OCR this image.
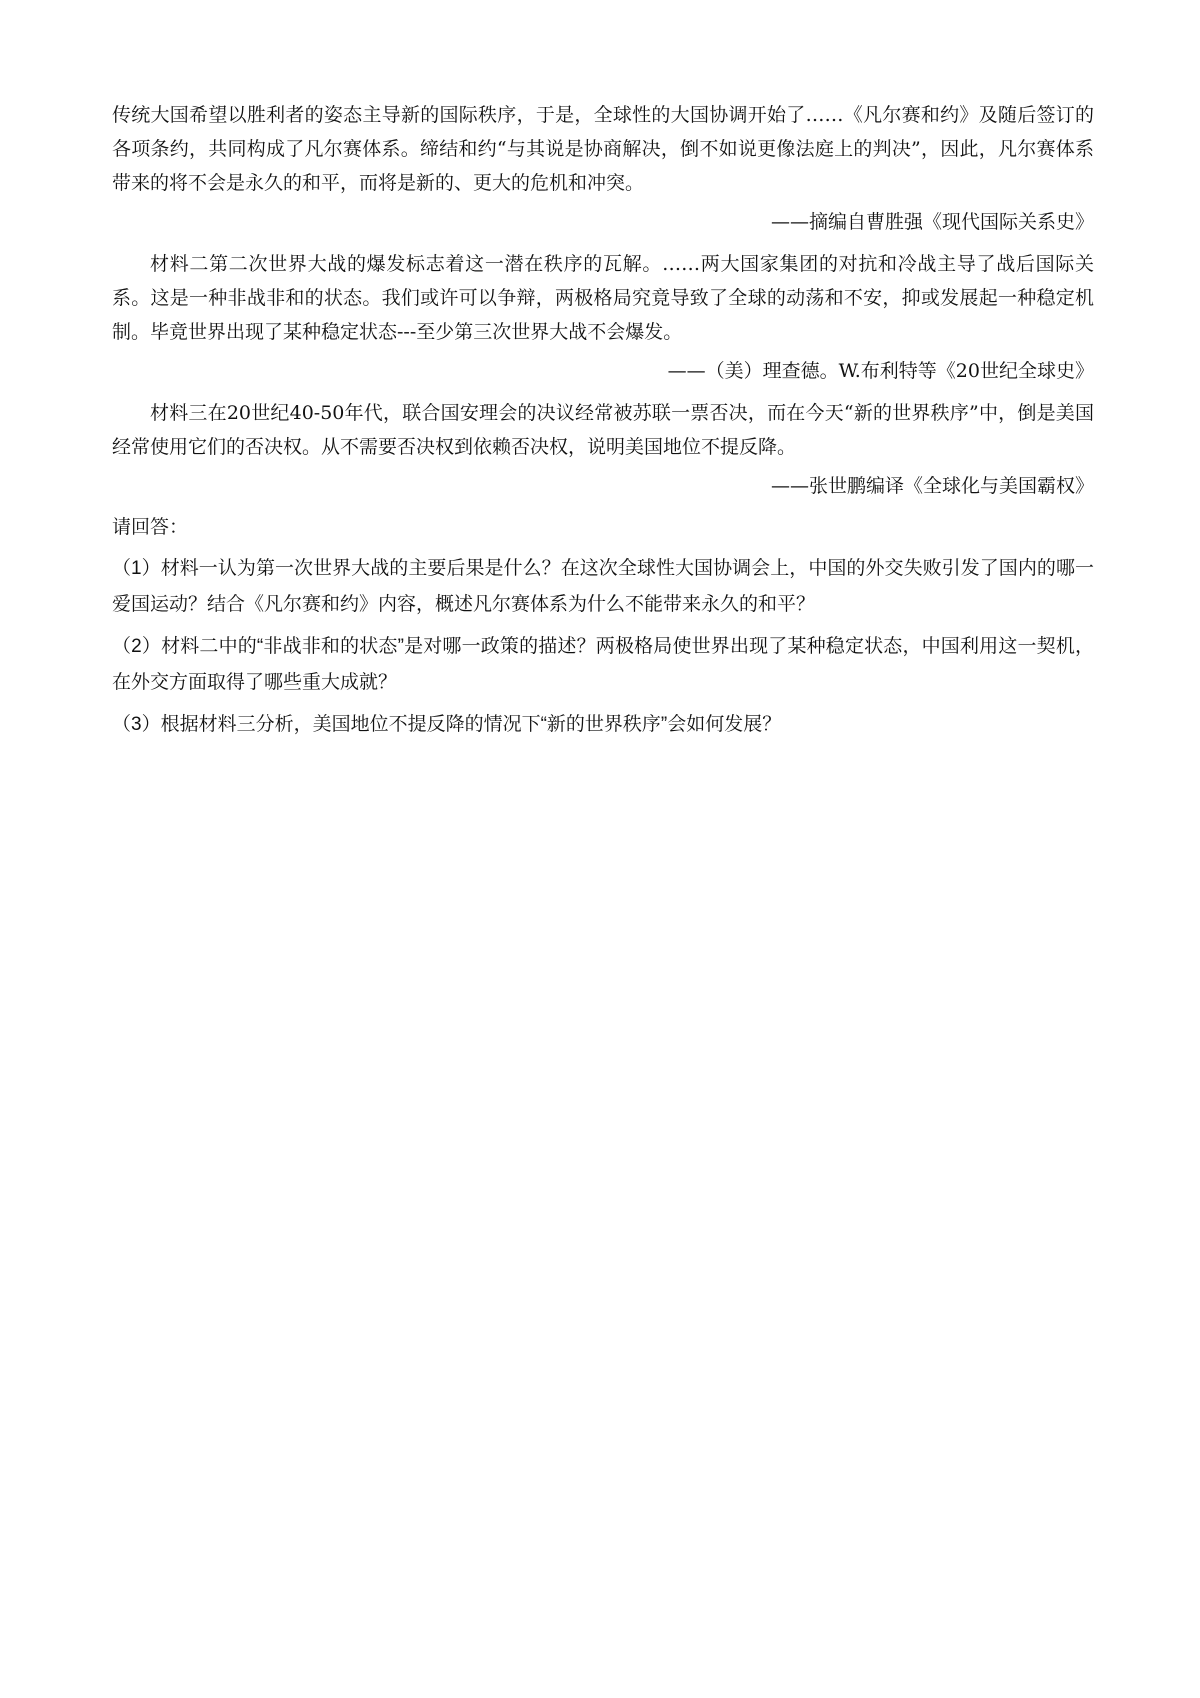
传统大国希望以胜利者的姿态主导新的国际秩序，于是，全球性的大国协调开始了……《凡尔赛和约》及随后签订的各项条约，共同构成了凡尔赛体系。缔结和约“与其说是协商解决，倒不如说更像法庭上的判决”，因此，凡尔赛体系带来的将不会是永久的和平，而将是新的、更大的危机和冲突。

——摘编自曹胜强《现代国际关系史》

材料二第二次世界大战的爆发标志着这一潜在秩序的瓦解。……两大国家集团的对抗和冷战主导了战后国际关系。这是一种非战非和的状态。我们或许可以争辩，两极格局究竟导致了全球的动荡和不安，抑或发展起一种稳定机制。毕竟世界出现了某种稳定状态---至少第三次世界大战不会爆发。

——（美）理查德。W.布利特等《20世纪全球史》

材料三在20世纪40-50年代，联合国安理会的决议经常被苏联一票否决，而在今天“新的世界秩序”中，倒是美国经常使用它们的否决权。从不需要否决权到依赖否决权，说明美国地位不提反降。

——张世鹏编译《全球化与美国霸权》
请回答：

（1）材料一认为第一次世界大战的主要后果是什么？在这次全球性大国协调会上，中国的外交失败引发了国内的哪一爱国运动？结合《凡尔赛和约》内容，概述凡尔赛体系为什么不能带来永久的和平？

（2）材料二中的“非战非和的状态”是对哪一政策的描述？两极格局使世界出现了某种稳定状态，中国利用这一契机，在外交方面取得了哪些重大成就？

（3）根据材料三分析，美国地位不提反降的情况下“新的世界秩序”会如何发展？
